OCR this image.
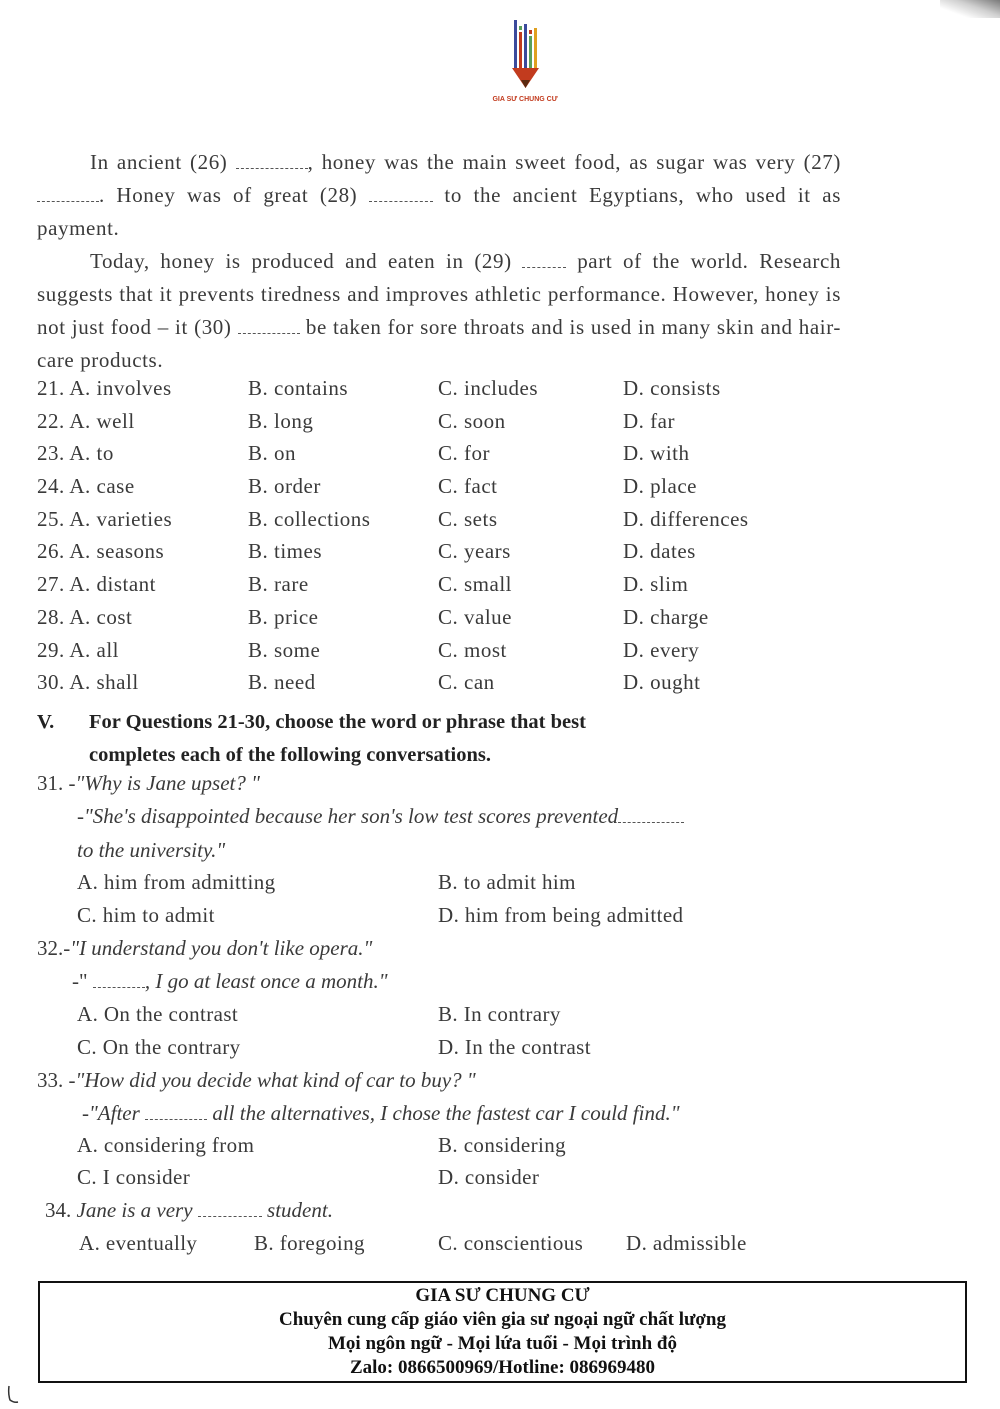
GIA SƯ CHUNG CƯ

In ancient (26)	, honey was the main sweet food, as sugar was very (27) . Honey was of great (28)	to the ancient Egyptians, who used it as payment.

Today, honey is produced and eaten in (29)  part of the world. Research suggests that it prevents tiredness and improves athletic performance. However, honey is not just food – it (30)	be taken for sore throats and is used in many skin and hair-care products.

21. A. involves	B. contains	C. includes	D. consists
22. A. well	B. long	C. soon	D. far
23. A. to	B. on	C. for	D. with
24. A. case	B. order	C. fact	D. place
25. A. varieties	B. collections	C. sets	D. differences
26. A. seasons	B. times	C. years	D. dates
27. A. distant	B. rare	C. small	D. slim
28. A. cost	B. price	C. value	D. charge
29. A. all	B. some	C. most	D. every
30. A. shall	B. need	C. can	D. ought
V. For Questions 21-30, choose the word or phrase that best
completes each of the following conversations.
31. -"Why is Jane upset? "
-"She's disappointed because her son's low test scores prevented
to the university."
A. him from admitting	B. to admit him
C. him to admit	D. him from being admitted
32.-"I understand you don't like opera."
-" , I go at least once a month."
A. On the contrast	B. In contrary
C. On the contrary	D. In the contrast
33. -"How did you decide what kind of car to buy? "
-"After	all the alternatives, I chose the fastest car I could find."
A. considering from	B. considering
C. I consider	D. consider
34. Jane is a very	student.
A. eventually	B. foregoing	C. conscientious D. admissible
GIA SƯ CHUNG CƯ
Chuyên cung cấp giáo viên gia sư ngoại ngữ chất lượng
Mọi ngôn ngữ - Mọi lứa tuổi - Mọi trình độ
Zalo: 0866500969/Hotline: 086969480
